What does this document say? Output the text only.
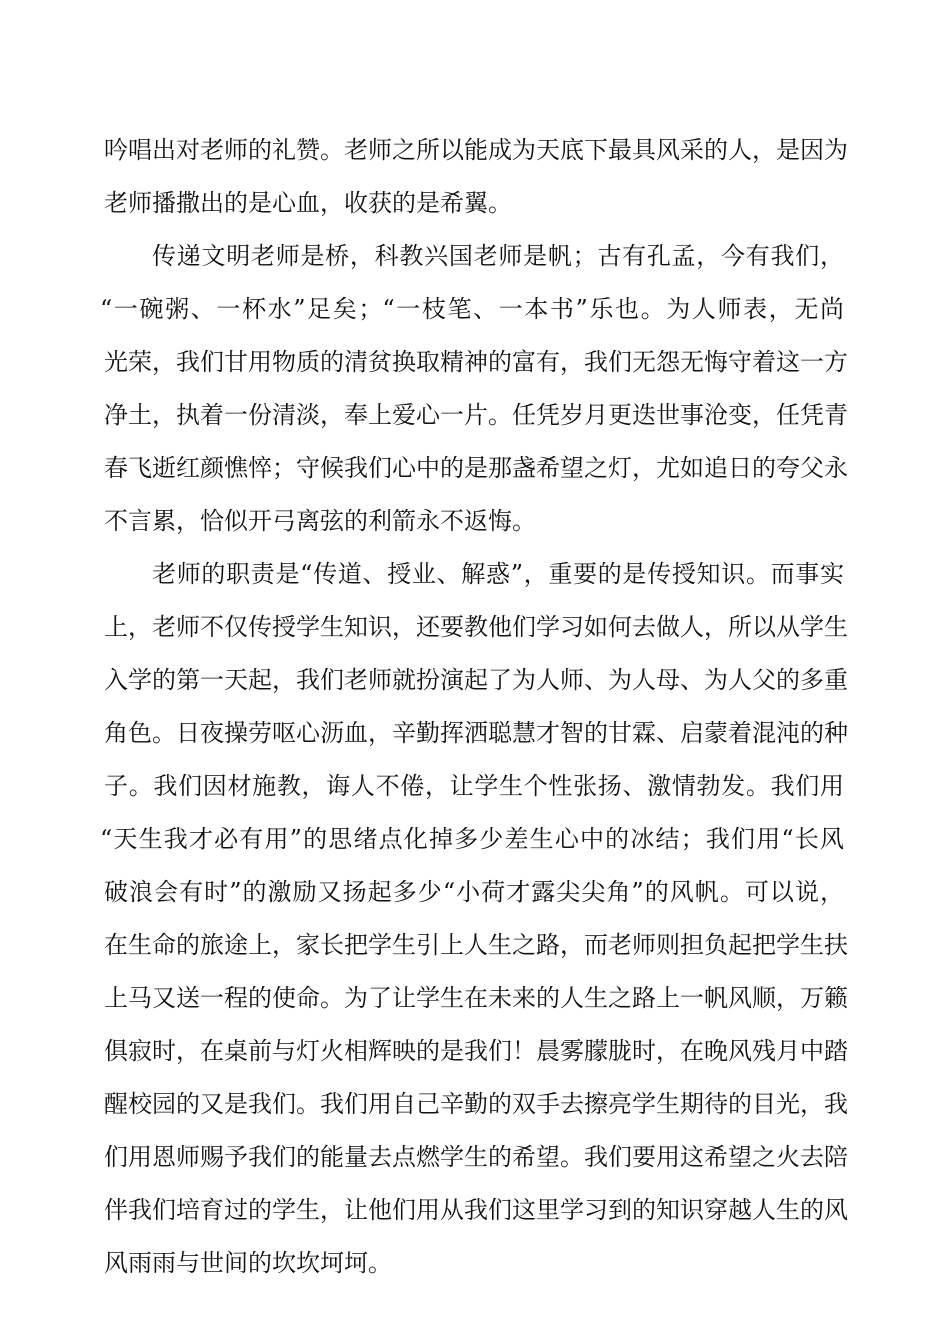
吟唱出对老师的礼赞。老师之所以能成为天底下最具风采的人，是因为
老师播撒出的是心血，收获的是希翼。
传递文明老师是桥，科教兴国老师是帆；古有孔孟，今有我们，
“一碗粥、一杯水”足矣；“一枝笔、一本书”乐也。为人师表，无尚
光荣，我们甘用物质的清贫换取精神的富有，我们无怨无悔守着这一方
净土，执着一份清淡，奉上爱心一片。任凭岁月更迭世事沧变，任凭青
春飞逝红颜憔悴；守候我们心中的是那盏希望之灯，尤如追日的夸父永
不言累，恰似开弓离弦的利箭永不返悔。
老师的职责是“传道、授业、解惑”，重要的是传授知识。而事实
上，老师不仅传授学生知识，还要教他们学习如何去做人，所以从学生
入学的第一天起，我们老师就扮演起了为人师、为人母、为人父的多重
角色。日夜操劳呕心沥血，辛勤挥洒聪慧才智的甘霖、启蒙着混沌的种
子。我们因材施教，诲人不倦，让学生个性张扬、激情勃发。我们用
“天生我才必有用”的思绪点化掉多少差生心中的冰结；我们用“长风
破浪会有时”的激励又扬起多少“小荷才露尖尖角”的风帆。可以说，
在生命的旅途上，家长把学生引上人生之路，而老师则担负起把学生扶
上马又送一程的使命。为了让学生在未来的人生之路上一帆风顺，万籁
俱寂时，在桌前与灯火相辉映的是我们！晨雾朦胧时，在晚风残月中踏
醒校园的又是我们。我们用自己辛勤的双手去擦亮学生期待的目光，我
们用恩师赐予我们的能量去点燃学生的希望。我们要用这希望之火去陪
伴我们培育过的学生，让他们用从我们这里学习到的知识穿越人生的风
风雨雨与世间的坎坎坷坷。
